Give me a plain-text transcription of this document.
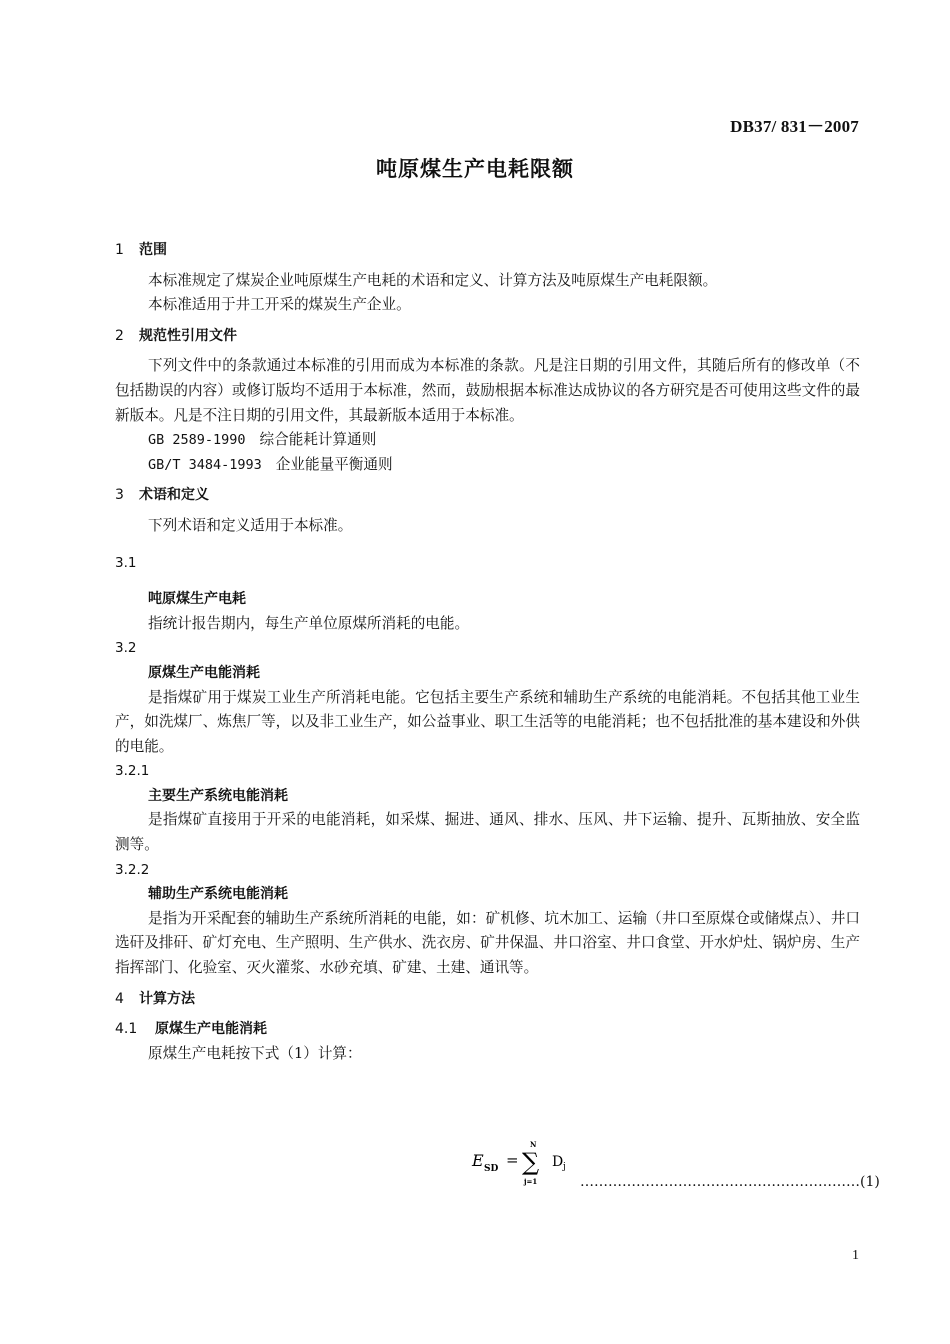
DB37/ 831－2007
吨原煤生产电耗限额
1 范围
本标准规定了煤炭企业吨原煤生产电耗的术语和定义、计算方法及吨原煤生产电耗限额。
本标准适用于井工开采的煤炭生产企业。
2 规范性引用文件
下列文件中的条款通过本标准的引用而成为本标准的条款。凡是注日期的引用文件，其随后所有的修改单（不包括勘误的内容）或修订版均不适用于本标准，然而，鼓励根据本标准达成协议的各方研究是否可使用这些文件的最新版本。凡是不注日期的引用文件，其最新版本适用于本标准。
GB 2589-1990 综合能耗计算通则
GB/T 3484-1993 企业能量平衡通则
3 术语和定义
下列术语和定义适用于本标准。
3.1
吨原煤生产电耗
指统计报告期内，每生产单位原煤所消耗的电能。
3.2
原煤生产电能消耗
是指煤矿用于煤炭工业生产所消耗电能。它包括主要生产系统和辅助生产系统的电能消耗。不包括其他工业生产，如洗煤厂、炼焦厂等，以及非工业生产，如公益事业、职工生活等的电能消耗；也不包括批准的基本建设和外供的电能。
3.2.1
主要生产系统电能消耗
是指煤矿直接用于开采的电能消耗，如采煤、掘进、通风、排水、压风、井下运输、提升、瓦斯抽放、安全监测等。
3.2.2
辅助生产系统电能消耗
是指为开采配套的辅助生产系统所消耗的电能，如：矿机修、坑木加工、运输（井口至原煤仓或储煤点）、井口选矸及排矸、矿灯充电、生产照明、生产供水、洗衣房、矿井保温、井口浴室、井口食堂、开水炉灶、锅炉房、生产指挥部门、化验室、灭火灌浆、水砂充填、矿建、土建、通讯等。
4 计算方法
4.1 原煤生产电能消耗
原煤生产电耗按下式（1）计算：
E SD =
N
∑
j=1
D j
……………………………………………………(1)
1
